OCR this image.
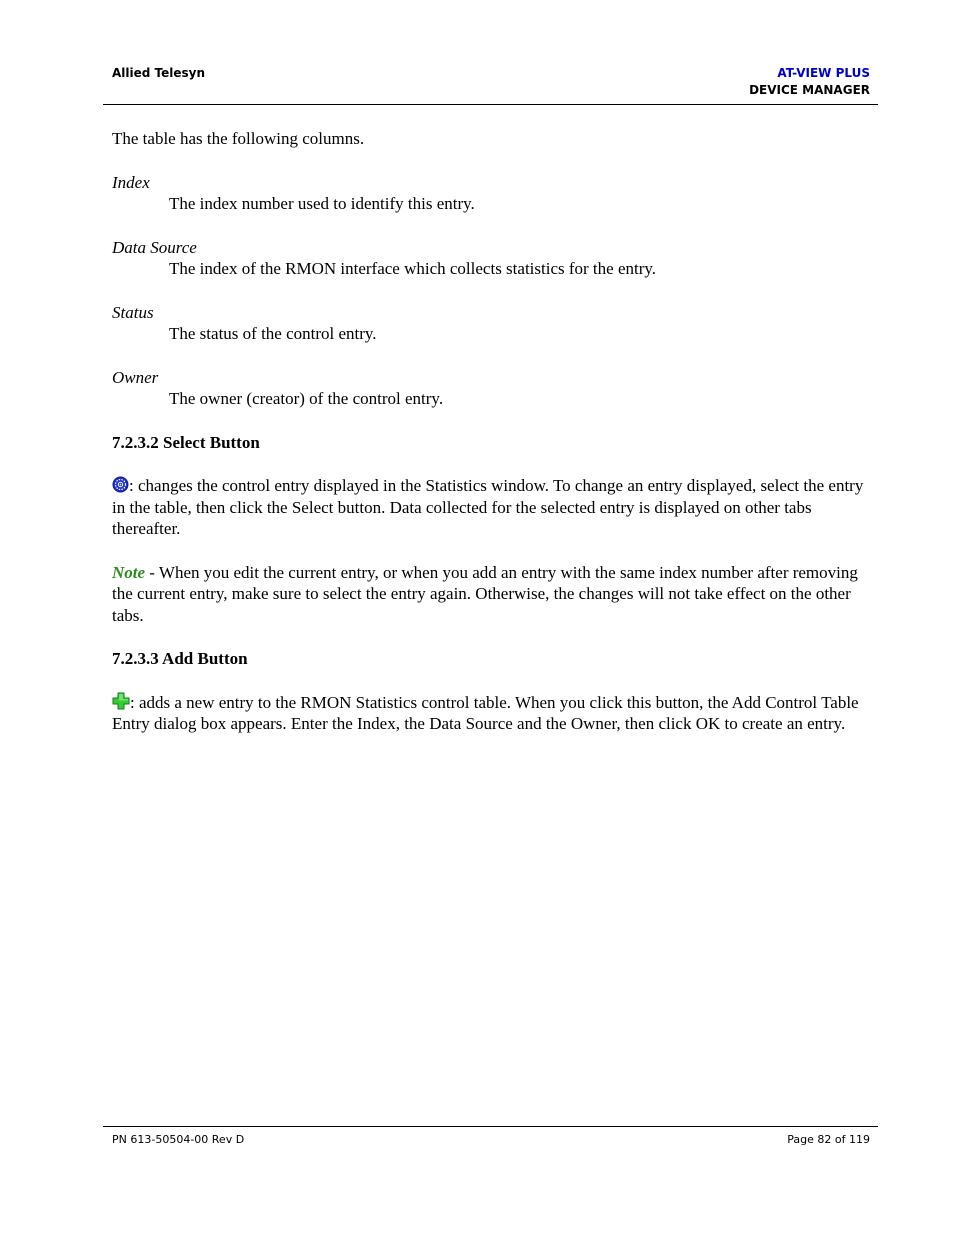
Allied Telesyn	AT-VIEW PLUS
DEVICE MANAGER

The table has the following columns.

Index

The index number used to identify this entry.

Data Source

The index of the RMON interface which collects statistics for the entry.

Status

The status of the control entry.

Owner

The owner (creator) of the control entry.

7.2.3.2 Select Button

: changes the control entry displayed in the Statistics window. To change an entry displayed, select the entry in the table, then click the Select button. Data collected for the selected entry is displayed on other tabs thereafter.

Note - When you edit the current entry, or when you add an entry with the same index number after removing the current entry, make sure to select the entry again. Otherwise, the changes will not take effect on the other tabs.

7.2.3.3 Add Button

: adds a new entry to the RMON Statistics control table. When you click this button, the Add Control Table Entry dialog box appears. Enter the Index, the Data Source and the Owner, then click OK to create an entry.

PN 613-50504-00 Rev D	Page 82 of 119
